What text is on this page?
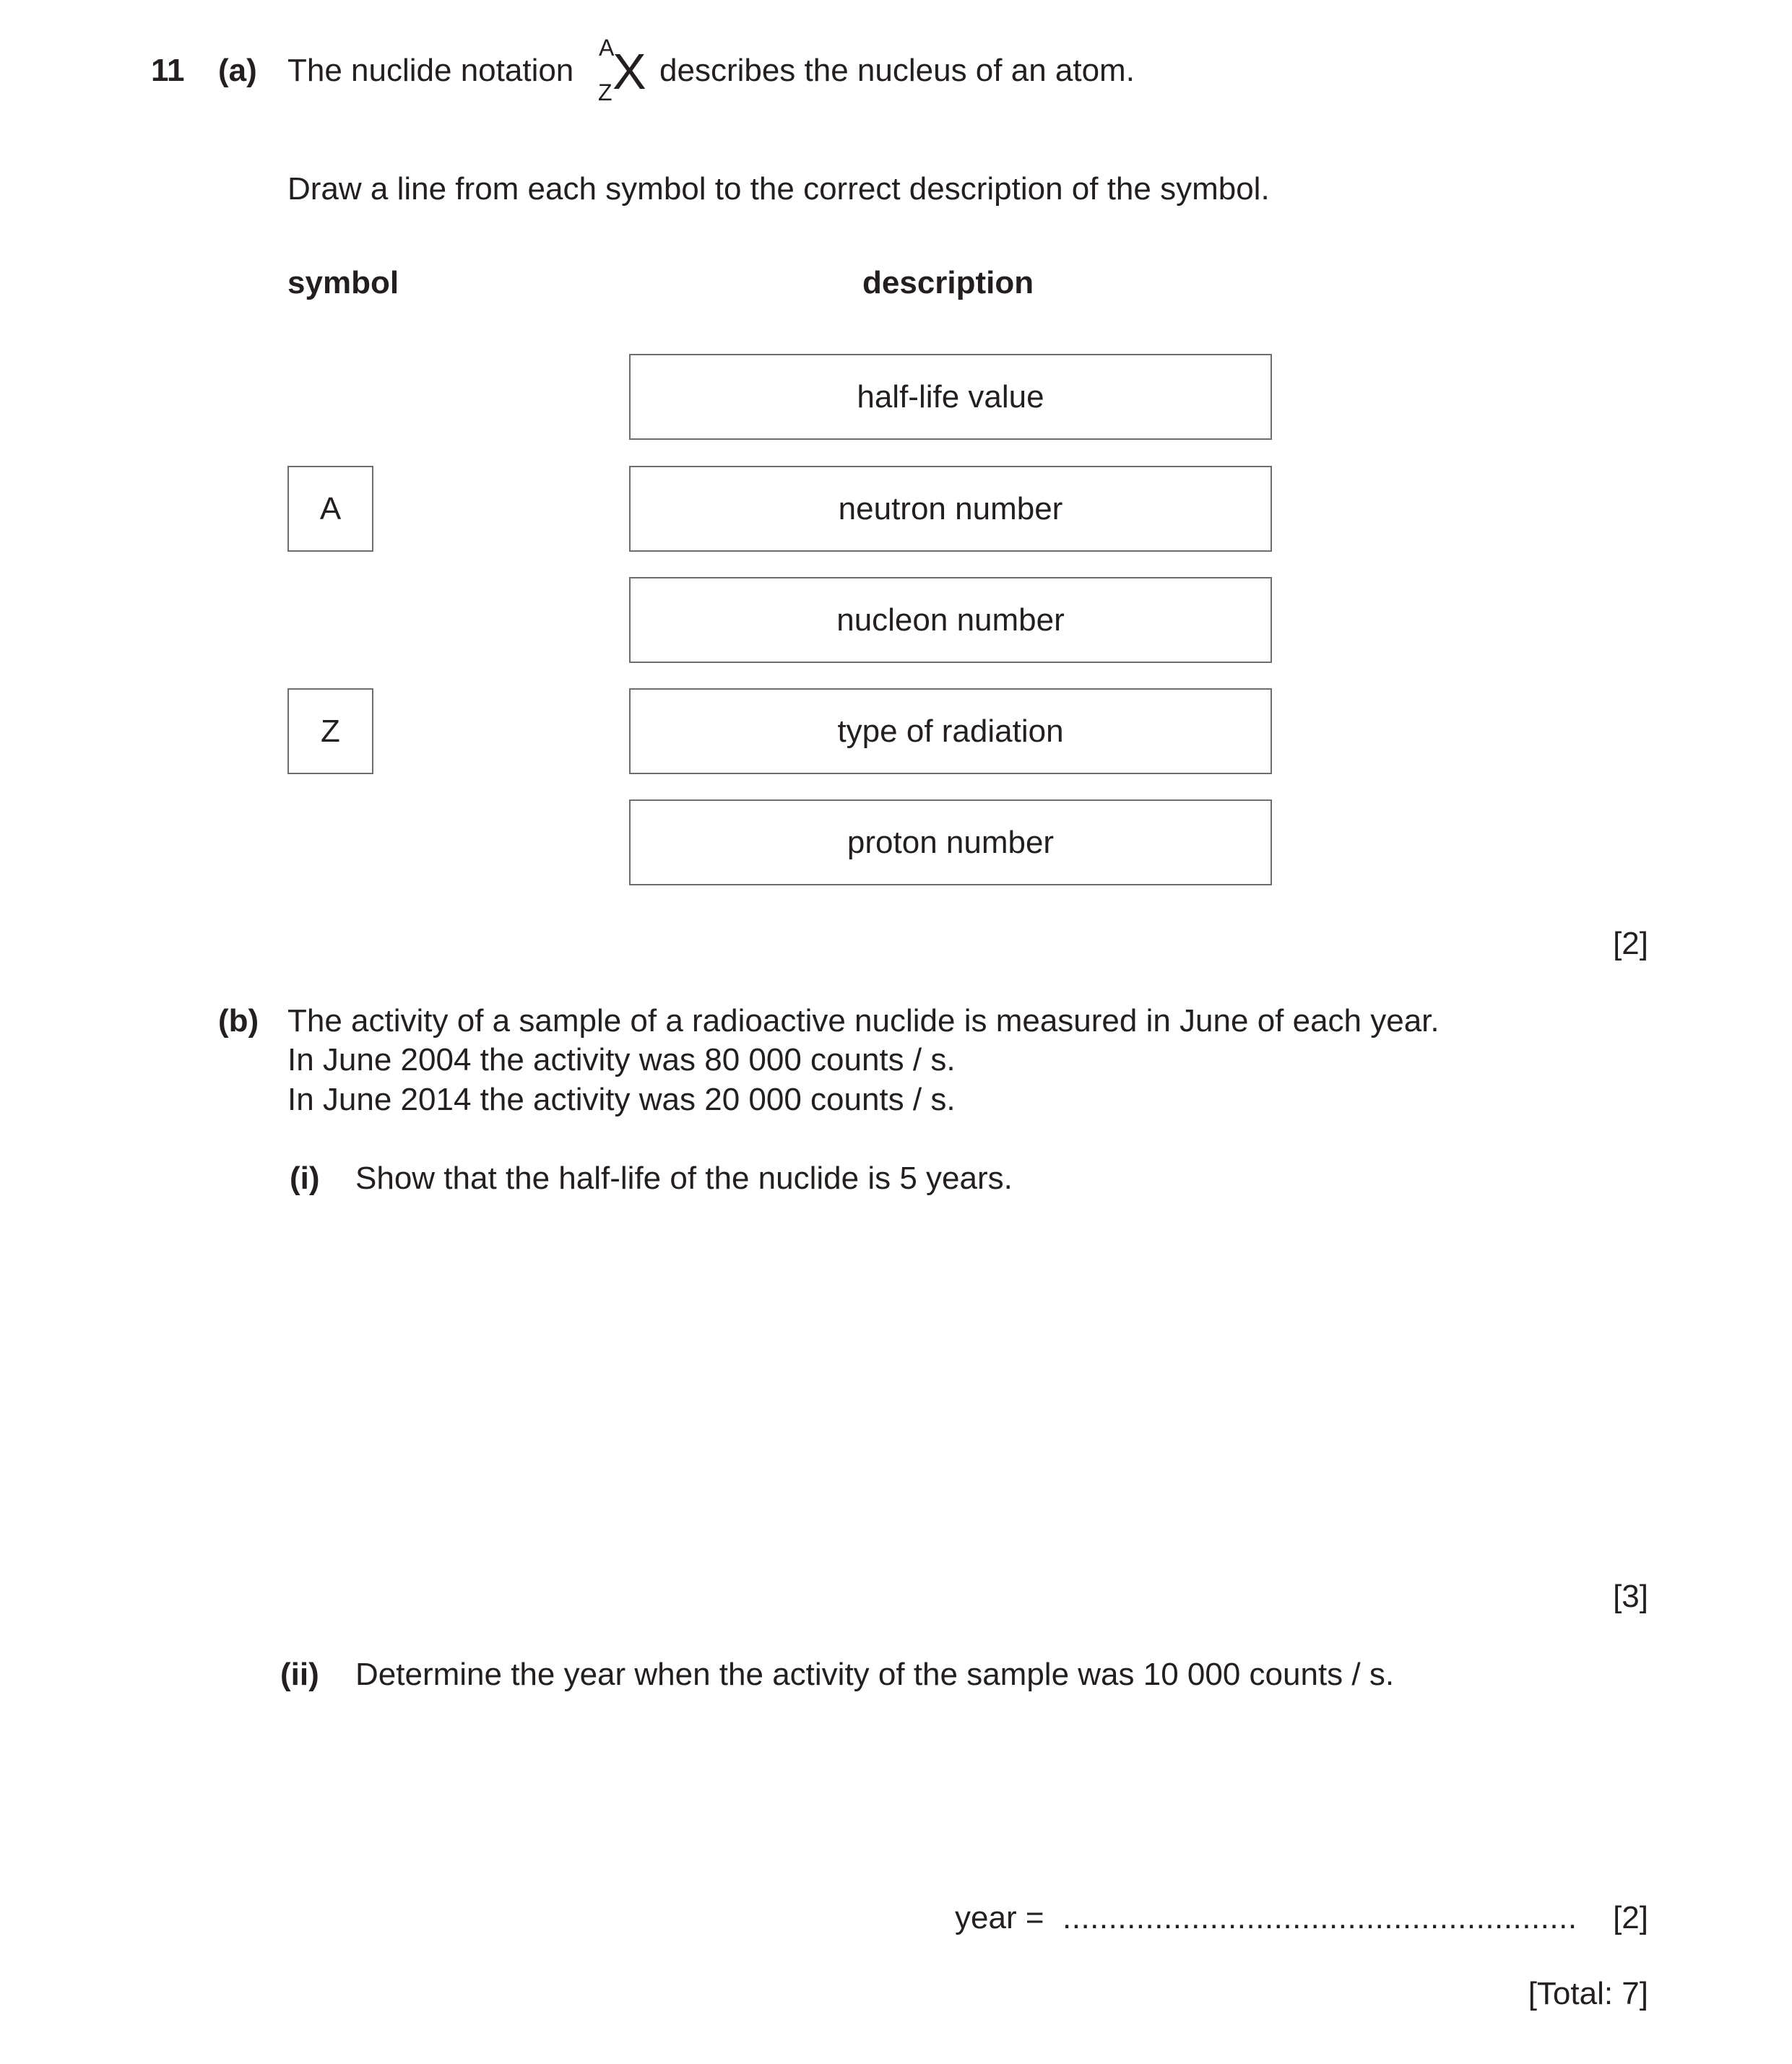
11 (a) The nuclide notation
A
Z X describes the nucleus of an atom.
Draw a line from each symbol to the correct description of the symbol.
symbol	description
A
Z
half-life value
neutron number
nucleon number
type of radiation
proton number
[2]
(b) The activity of a sample of a radioactive nuclide is measured in June of each year.
In June 2004 the activity was 80 000 counts / s.
In June 2014 the activity was 20 000 counts / s.
(i) Show that the half-life of the nuclide is 5 years.
[3]
(ii) Determine the year when the activity of the sample was 10 000 counts / s.
year = ........................................................ [2]
[Total: 7]
